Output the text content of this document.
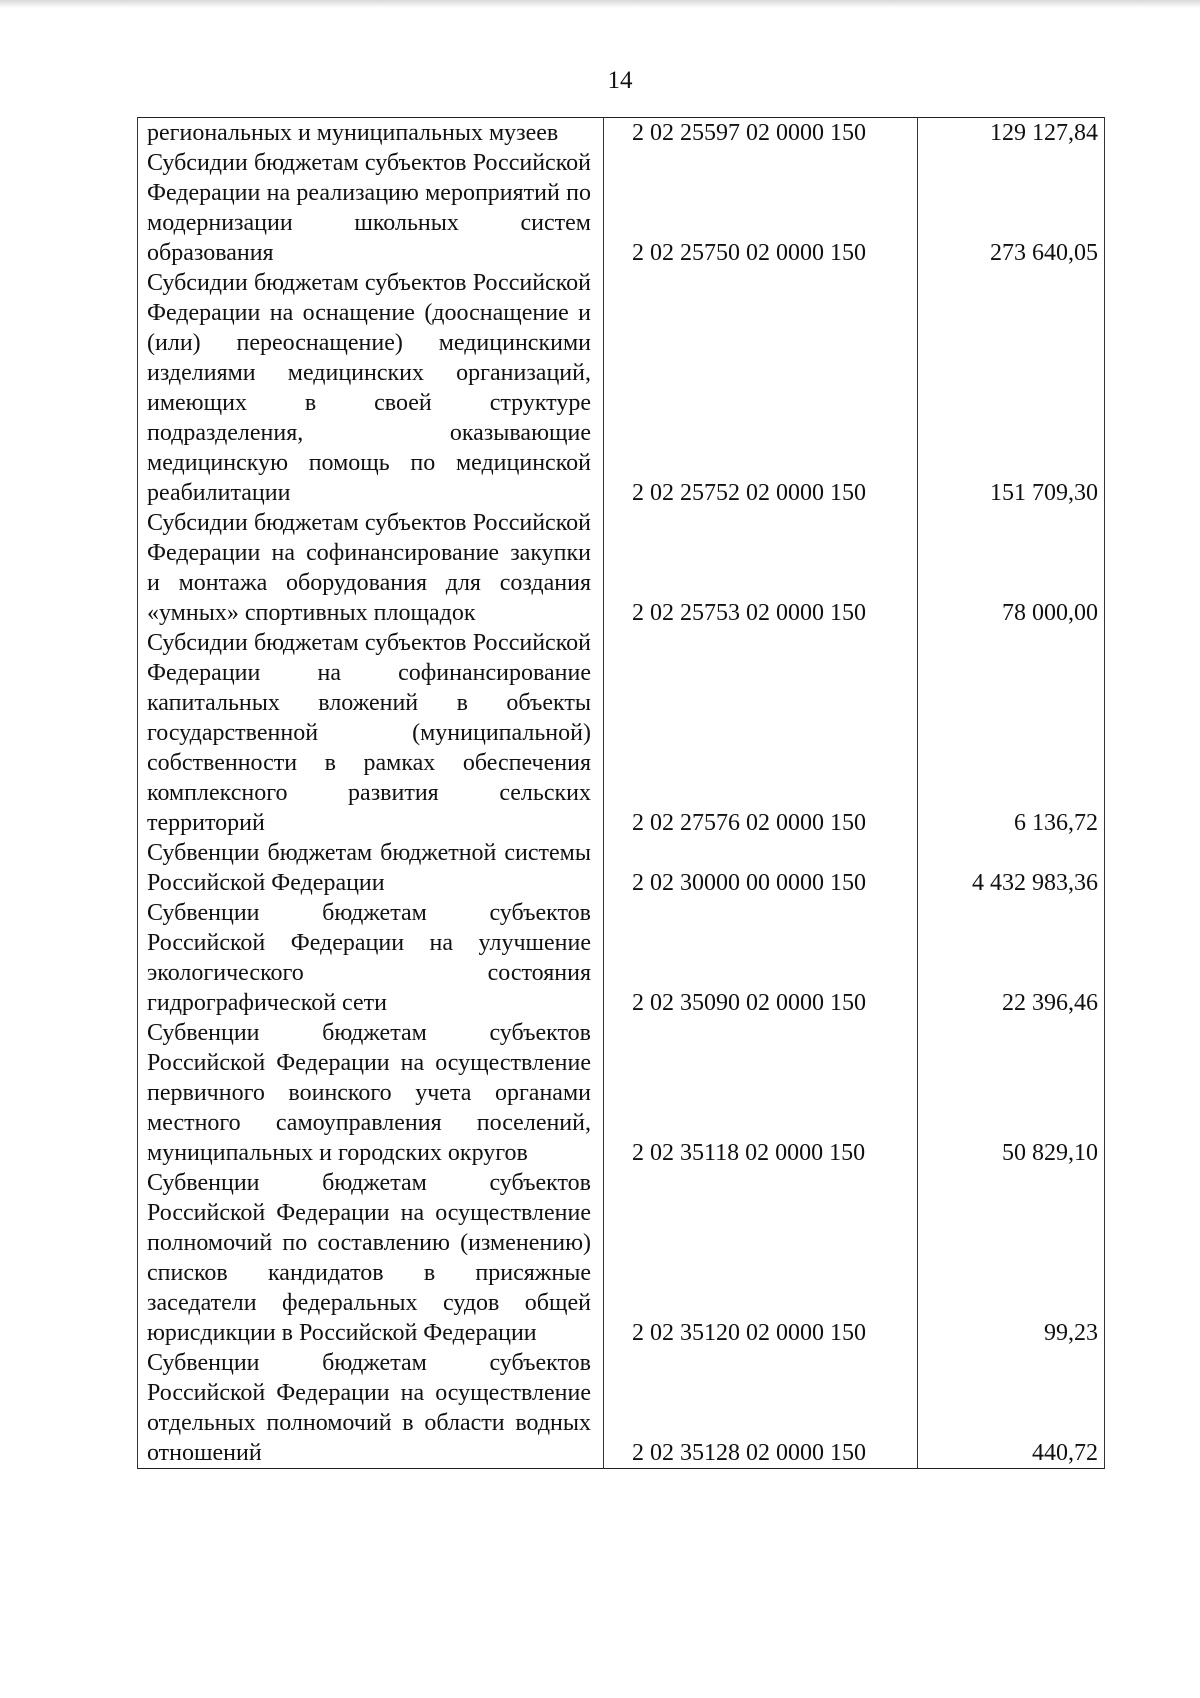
14
региональных и муниципальных музеев	2 02 25597 02 0000 150	129 127,84
Субсидии бюджетам субъектов Российской Федерации на реализацию мероприятий по модернизации школьных систем образования	2 02 25750 02 0000 150	273 640,05
Субсидии бюджетам субъектов Российской Федерации на оснащение (дооснащение и (или) переоснащение) медицинскими изделиями медицинских организаций, имеющих в своей структуре подразделения, оказывающие медицинскую помощь по медицинской реабилитации	2 02 25752 02 0000 150	151 709,30
Субсидии бюджетам субъектов Российской Федерации на софинансирование закупки и монтажа оборудования для создания «умных» спортивных площадок	2 02 25753 02 0000 150	78 000,00
Субсидии бюджетам субъектов Российской Федерации на софинансирование капитальных вложений в объекты государственной (муниципальной) собственности в рамках обеспечения комплексного развития сельских территорий	2 02 27576 02 0000 150	6 136,72
Субвенции бюджетам бюджетной системы Российской Федерации	2 02 30000 00 0000 150	4 432 983,36
Субвенции бюджетам субъектов Российской Федерации на улучшение экологического состояния гидрографической сети	2 02 35090 02 0000 150	22 396,46
Субвенции бюджетам субъектов Российской Федерации на осуществление первичного воинского учета органами местного самоуправления поселений, муниципальных и городских округов	2 02 35118 02 0000 150	50 829,10
Субвенции бюджетам субъектов Российской Федерации на осуществление полномочий по составлению (изменению) списков кандидатов в присяжные заседатели федеральных судов общей юрисдикции в Российской Федерации	2 02 35120 02 0000 150	99,23
Субвенции бюджетам субъектов Российской Федерации на осуществление отдельных полномочий в области водных отношений	2 02 35128 02 0000 150	440,72
